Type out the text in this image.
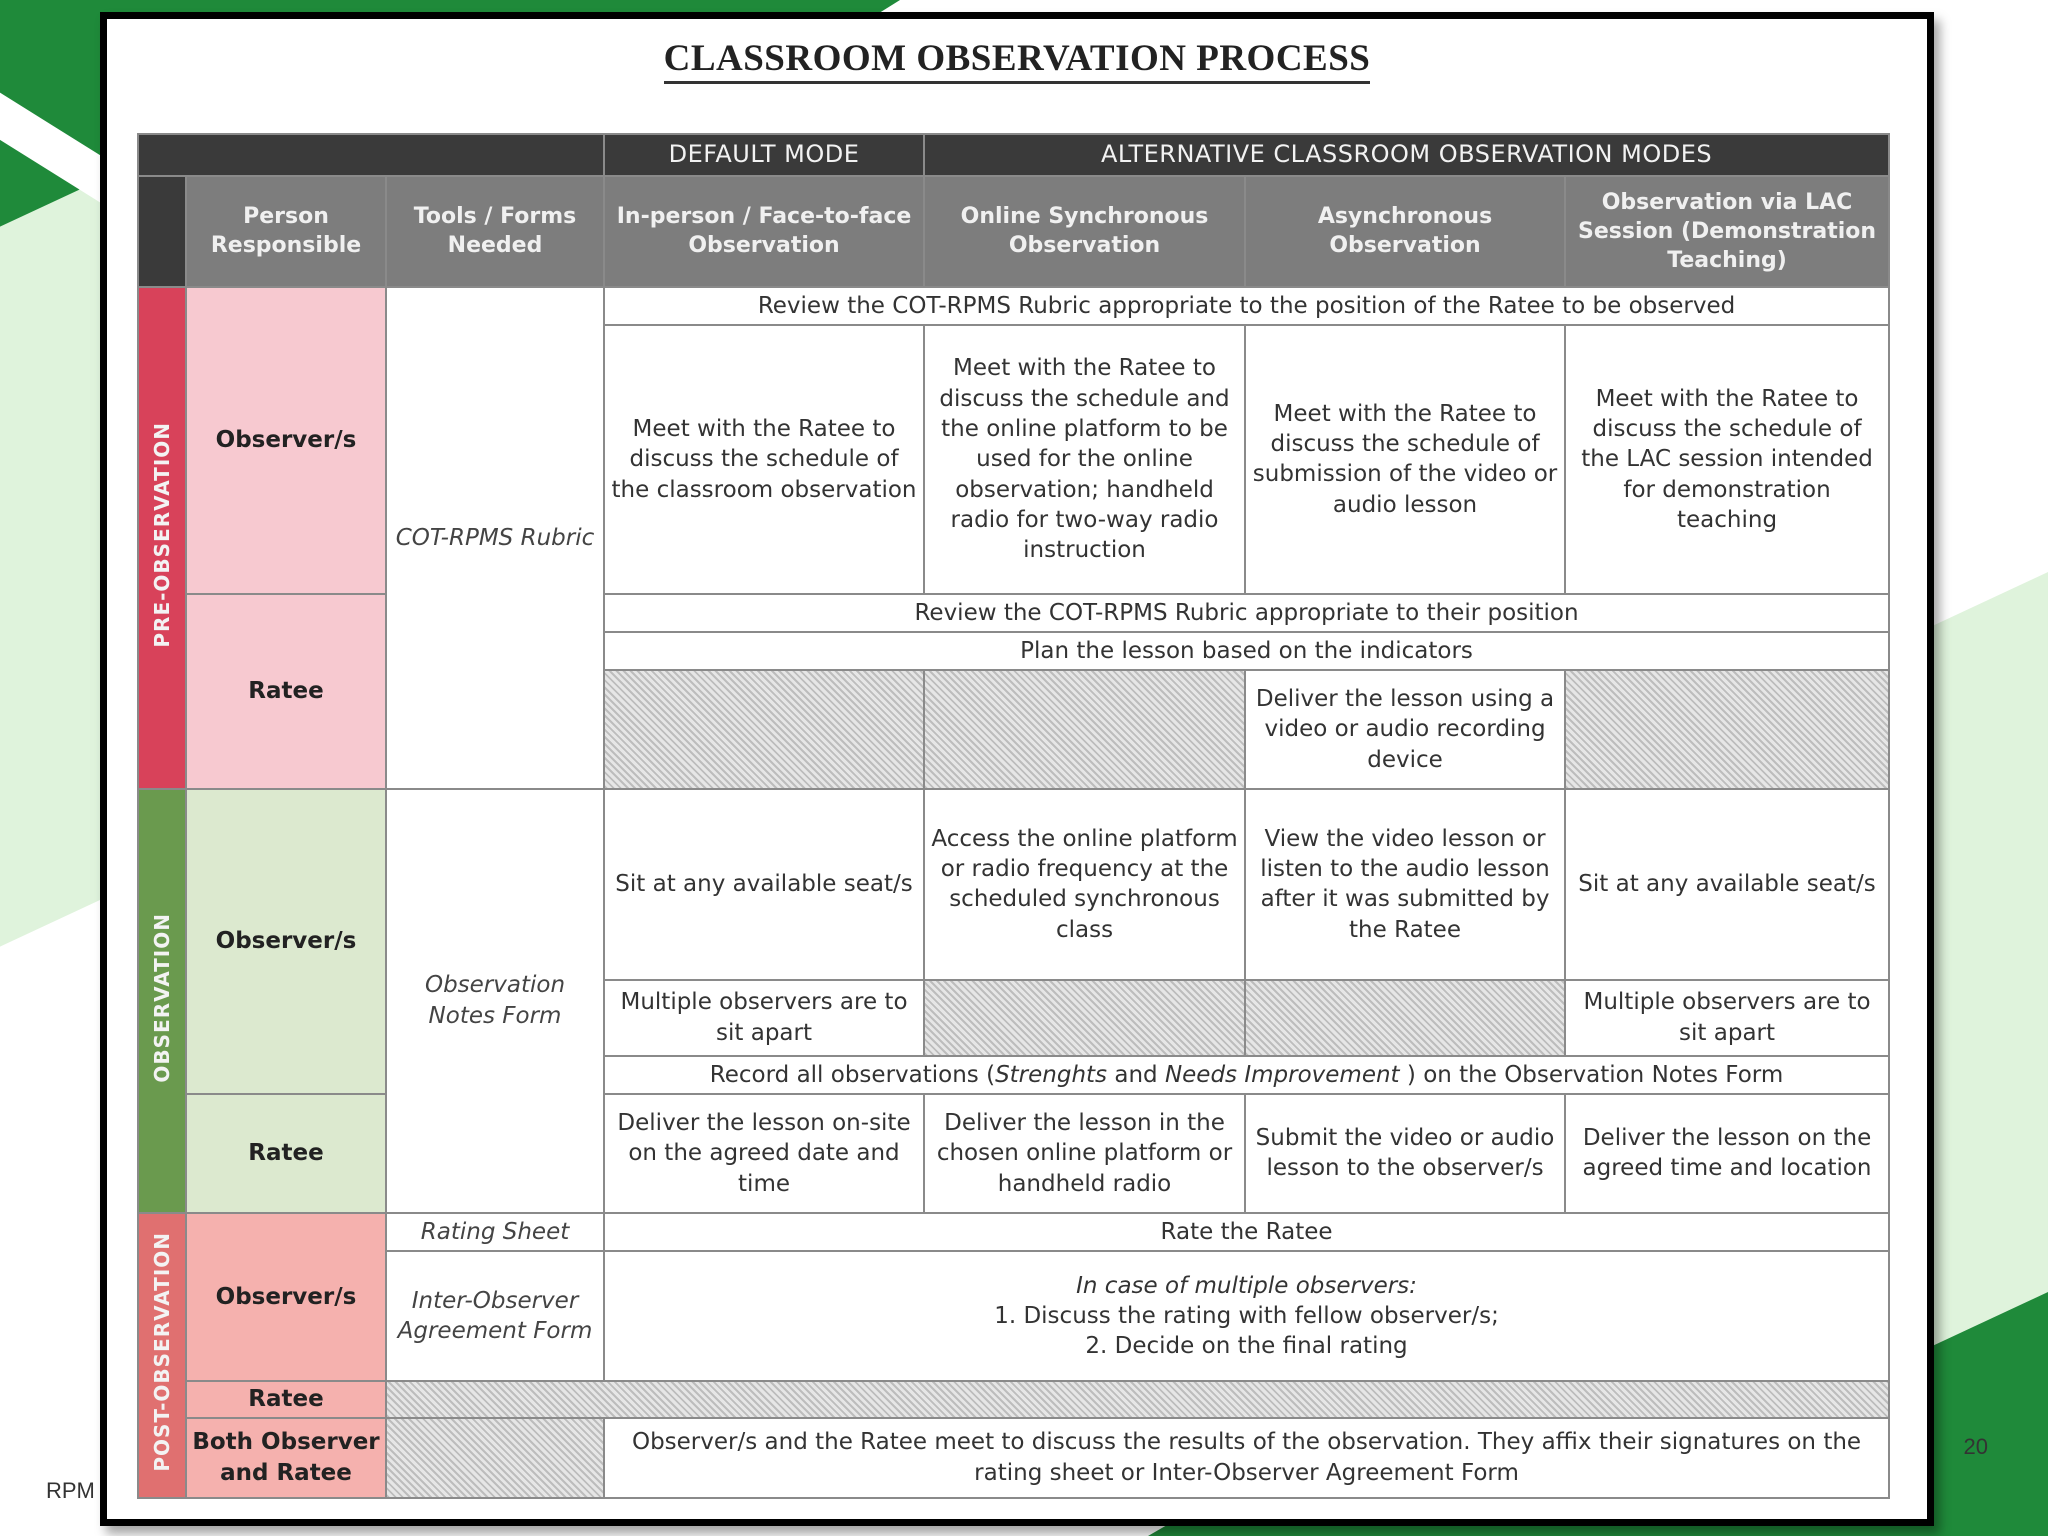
RPM
20
CLASSROOM OBSERVATION PROCESS
			DEFAULT MODE	ALTERNATIVE CLASSROOM OBSERVATION MODES		
	Person Responsible	Tools / Forms Needed	In-person / Face-to-face Observation	Online Synchronous Observation	Asynchronous Observation	Observation via LAC Session (Demonstration Teaching)
PRE-OBSERVATION	Observer/s	COT-RPMS Rubric	Review the COT-RPMS Rubric appropriate to the position of the Ratee to be observed			
			Meet with the Ratee to discuss the schedule of the classroom observation	Meet with the Ratee to discuss the schedule and the online platform to be used for the online observation; handheld radio for two-way radio instruction	Meet with the Ratee to discuss the schedule of submission of the video or audio lesson	Meet with the Ratee to discuss the schedule of the LAC session intended for demonstration teaching
	Ratee		Review the COT-RPMS Rubric appropriate to their position			
			Plan the lesson based on the indicators			
					Deliver the lesson using a video or audio recording device	
OBSERVATION	Observer/s	Observation Notes Form	Sit at any available seat/s	Access the online platform or radio frequency at the scheduled synchronous class	View the video lesson or listen to the audio lesson after it was submitted by the Ratee	Sit at any available seat/s
			Multiple observers are to sit apart			Multiple observers are to sit apart
			Record all observations (Strenghts and Needs Improvement ) on the Observation Notes Form			
	Ratee		Deliver the lesson on-site on the agreed date and time	Deliver the lesson in the chosen online platform or handheld radio	Submit the video or audio lesson to the observer/s	Deliver the lesson on the agreed time and location
POST-OBSERVATION	Observer/s	Rating Sheet	Rate the Ratee			
		Inter-Observer Agreement Form	In case of multiple observers:
1. Discuss the rating with fellow observer/s;
2. Decide on the final rating			

	Ratee					
	Both Observer and Ratee		Observer/s and the Ratee meet to discuss the results of the observation. They affix their signatures on the rating sheet or Inter-Observer Agreement Form			
